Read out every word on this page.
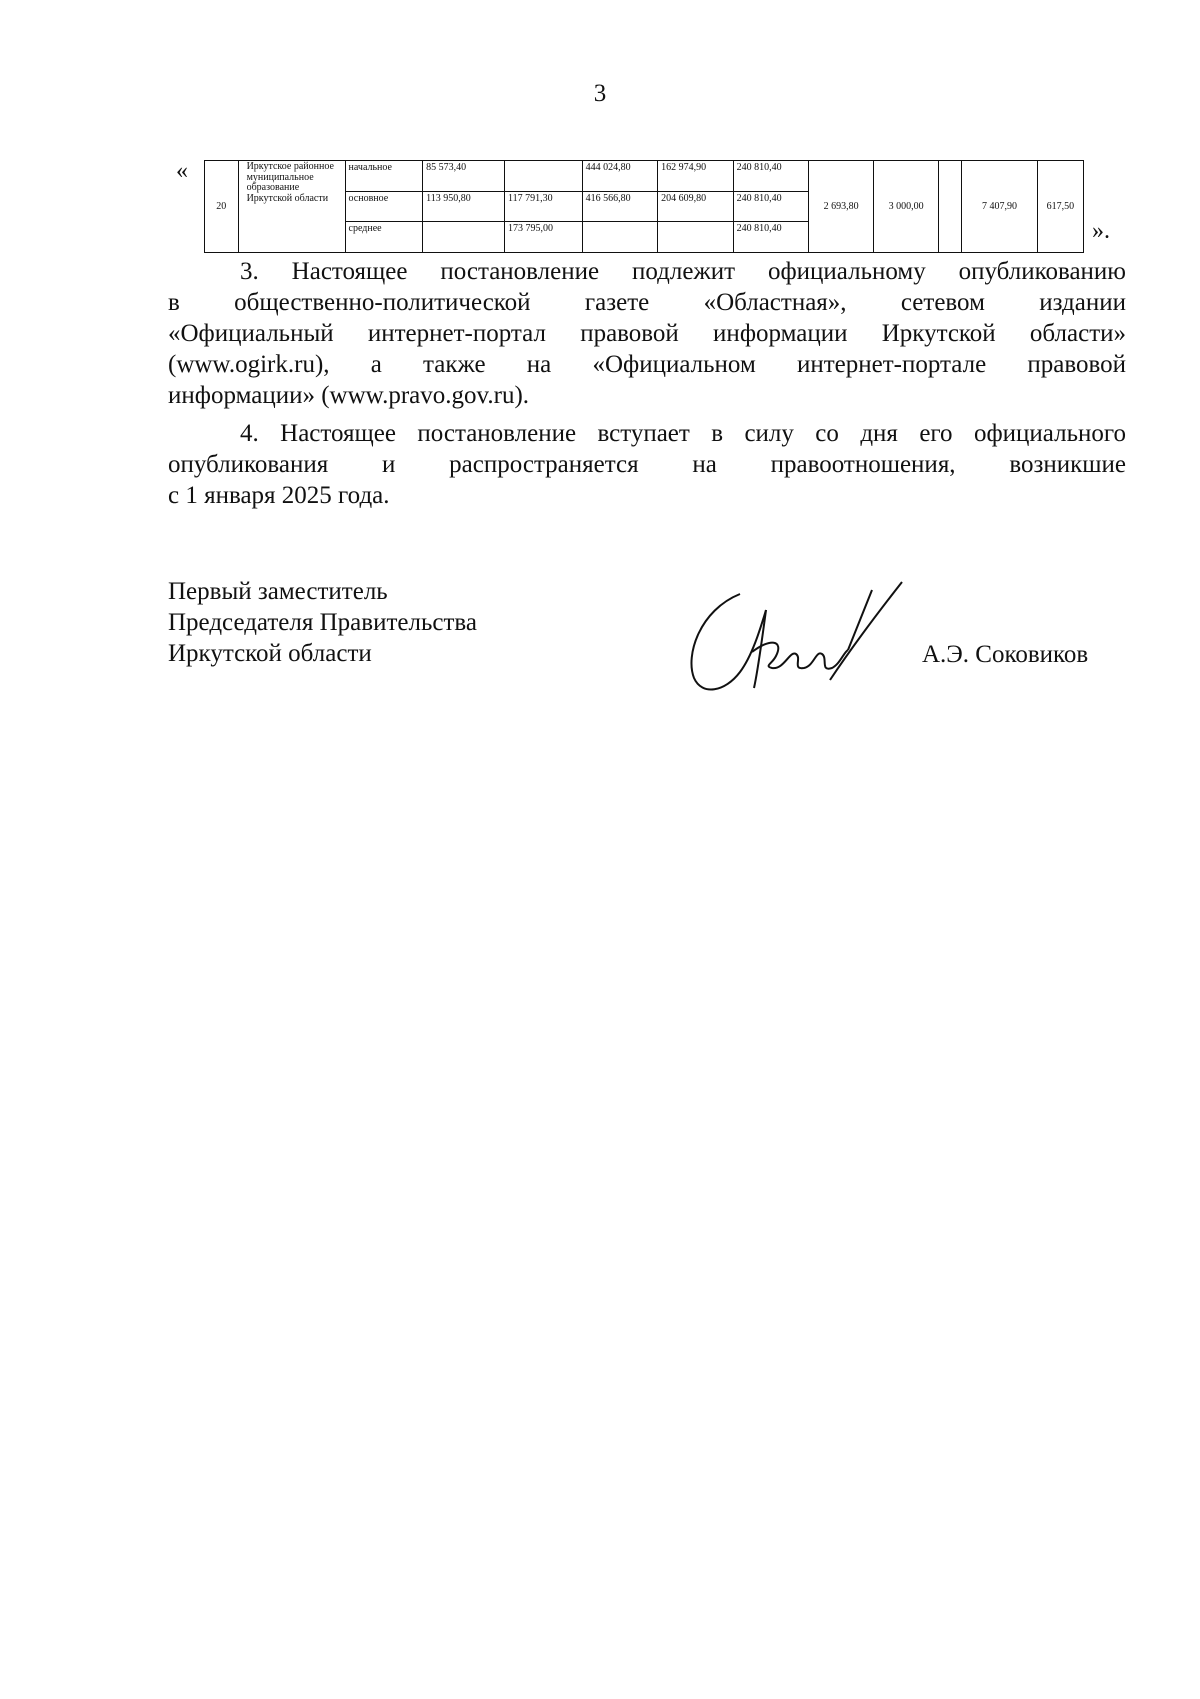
3
«
20	Иркутское районное муниципальное образование Иркутской области	начальное	85 573,40		444 024,80	162 974,90	240 810,40	2 693,80	3 000,00		7 407,90	617,50
		основное	113 950,80	117 791,30	416 566,80	204 609,80	240 810,40					
		среднее		173 795,00			240 810,40						».
3. Настоящее постановление подлежит официальному опубликованию
в общественно-политической газете «Областная», сетевом издании
«Официальный интернет-портал правовой информации Иркутской области»
(www.ogirk.ru), а также на «Официальном интернет-портале правовой
информации» (www.pravo.gov.ru).
4. Настоящее постановление вступает в силу со дня его официального
опубликования и распространяется на правоотношения, возникшие
с 1 января 2025 года.
Первый заместитель
Председателя Правительства
Иркутской области	А.Э. Соковиков
